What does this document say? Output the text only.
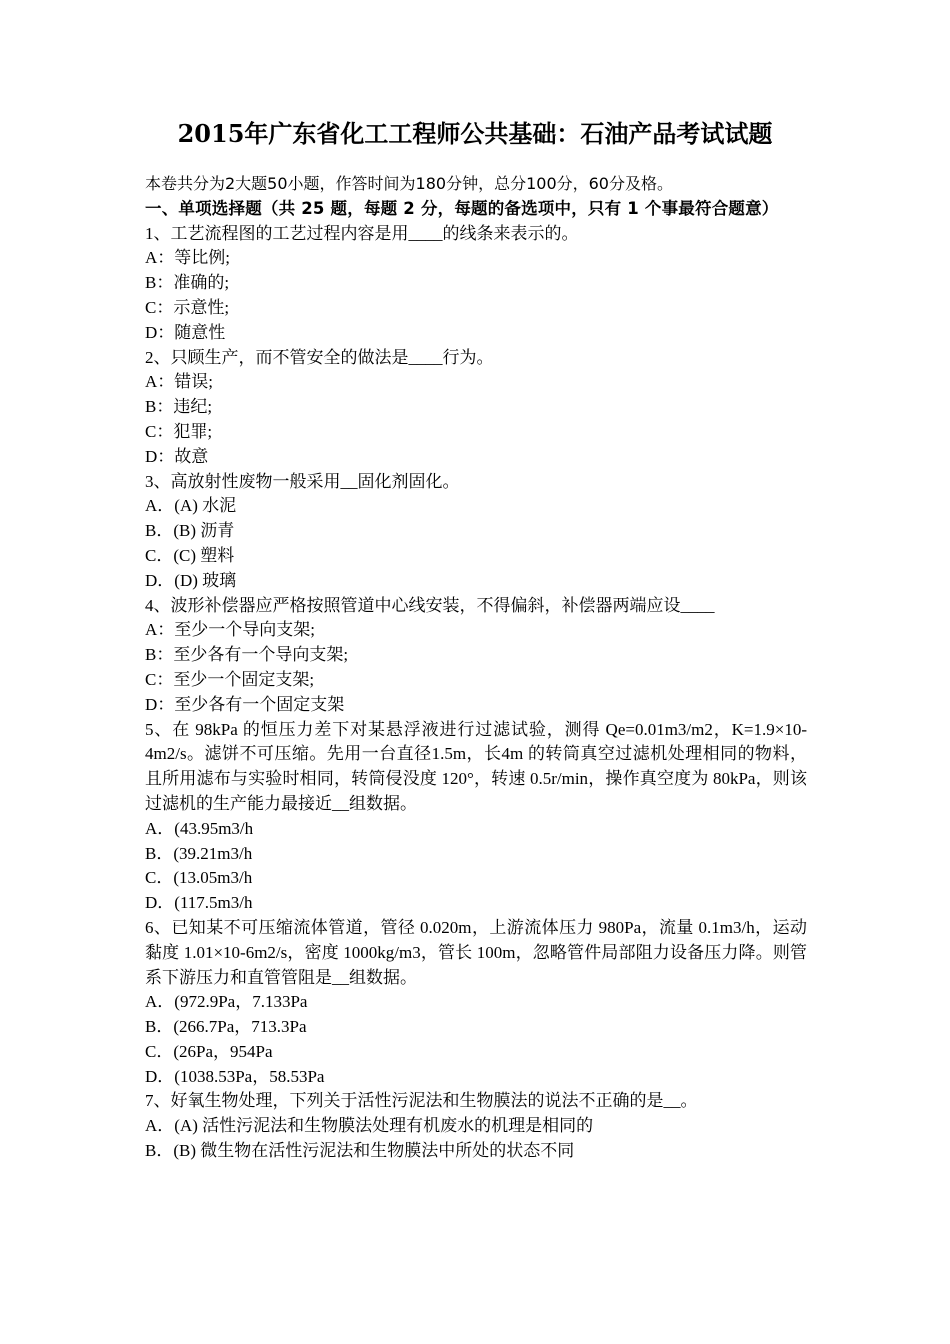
2015年广东省化工工程师公共基础：石油产品考试试题
本卷共分为2大题50小题，作答时间为180分钟，总分100分，60分及格。
一、单项选择题（共 25 题，每题 2 分，每题的备选项中，只有 1 个事最符合题意）
1、工艺流程图的工艺过程内容是用____的线条来表示的。
A：等比例;
B：准确的;
C：示意性;
D：随意性
2、只顾生产，而不管安全的做法是____行为。
A：错误;
B：违纪;
C：犯罪;
D：故意
3、高放射性废物一般采用__固化剂固化。
A．(A) 水泥
B．(B) 沥青
C．(C) 塑料
D．(D) 玻璃
4、波形补偿器应严格按照管道中心线安装，不得偏斜，补偿器两端应设____
A：至少一个导向支架;
B：至少各有一个导向支架;
C：至少一个固定支架;
D：至少各有一个固定支架
5、在 98kPa 的恒压力差下对某悬浮液进行过滤试验，测得 Qe=0.01m3/m2，K=1.9×10-4m2/s。滤饼不可压缩。先用一台直径1.5m，长4m 的转筒真空过滤机处理相同的物料，且所用滤布与实验时相同，转筒侵没度 120°，转速 0.5r/min，操作真空度为 80kPa，则该过滤机的生产能力最接近__组数据。
A．(43.95m3/h
B．(39.21m3/h
C．(13.05m3/h
D．(117.5m3/h
6、已知某不可压缩流体管道，管径 0.020m，上游流体压力 980Pa，流量 0.1m3/h，运动黏度 1.01×10-6m2/s，密度 1000kg/m3，管长 100m，忽略管件局部阻力设备压力降。则管系下游压力和直管管阻是__组数据。
A．(972.9Pa，7.133Pa
B．(266.7Pa，713.3Pa
C．(26Pa，954Pa
D．(1038.53Pa，58.53Pa
7、好氧生物处理，下列关于活性污泥法和生物膜法的说法不正确的是__。
A．(A) 活性污泥法和生物膜法处理有机废水的机理是相同的
B．(B) 微生物在活性污泥法和生物膜法中所处的状态不同
